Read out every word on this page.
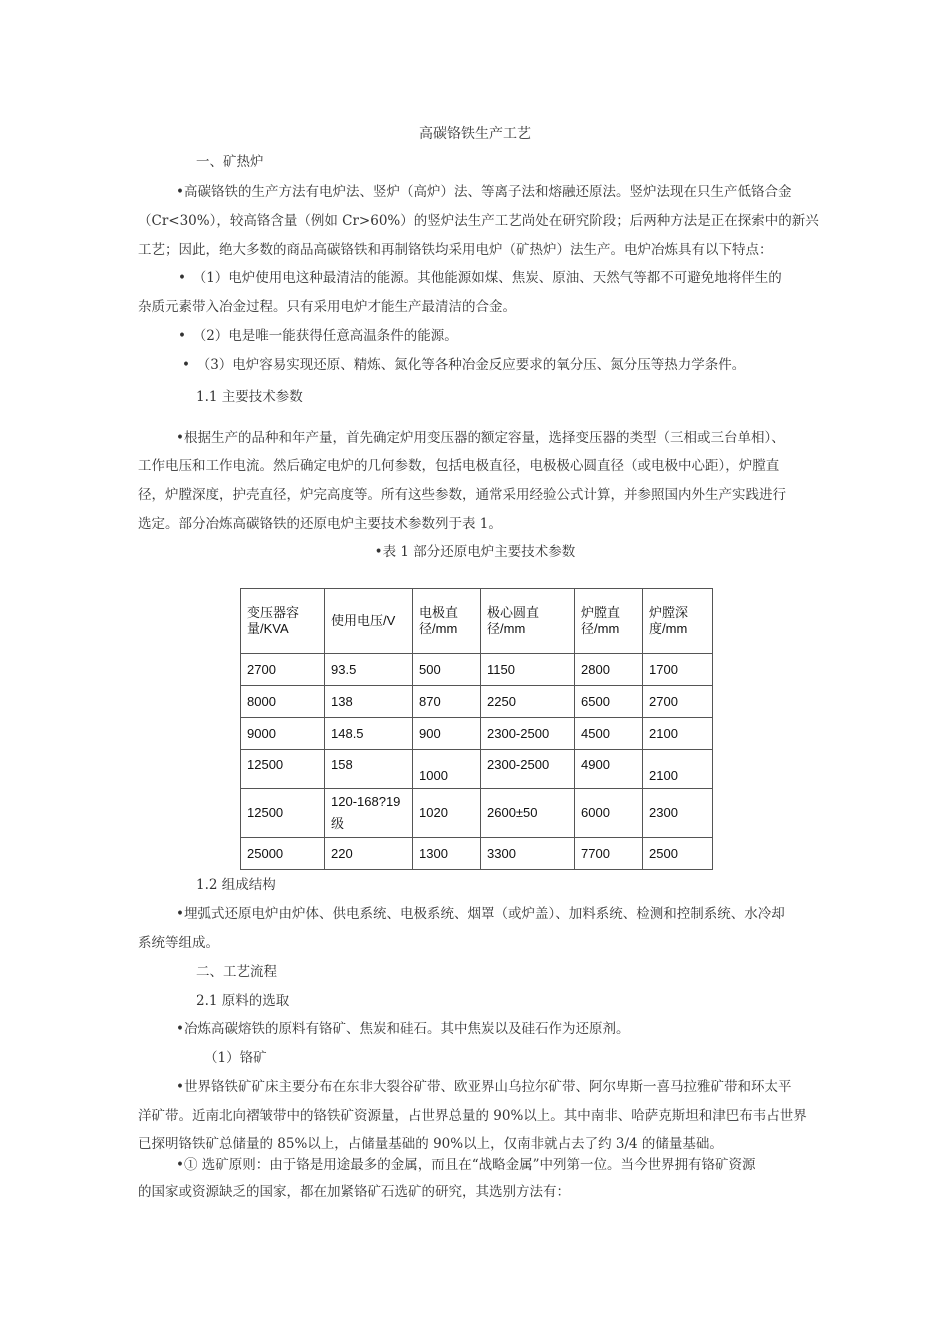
高碳铬铁生产工艺
一、矿热炉
•高碳铬铁的生产方法有电炉法、竖炉（高炉）法、等离子法和熔融还原法。竖炉法现在只生产低铬合金
（Cr<30%），较高铬含量（例如 Cr>60%）的竖炉法生产工艺尚处在研究阶段；后两种方法是正在探索中的新兴
工艺；因此，绝大多数的商品高碳铬铁和再制铬铁均采用电炉（矿热炉）法生产。电炉冶炼具有以下特点：
•　（1）电炉使用电这种最清洁的能源。其他能源如煤、焦炭、原油、天然气等都不可避免地将伴生的
杂质元素带入冶金过程。只有采用电炉才能生产最清洁的合金。
•　（2）电是唯一能获得任意高温条件的能源。
•　（3）电炉容易实现还原、精炼、氮化等各种冶金反应要求的氧分压、氮分压等热力学条件。
1.1 主要技术参数
•根据生产的品种和年产量，首先确定炉用变压器的额定容量，选择变压器的类型（三相或三台单相）、
工作电压和工作电流。然后确定电炉的几何参数，包括电极直径，电极极心圆直径（或电极中心距），炉膛直
径，炉膛深度，护壳直径，炉完高度等。所有这些参数，通常采用经验公式计算，并参照国内外生产实践进行
选定。部分冶炼高碳铬铁的还原电炉主要技术参数列于表 1。
•表 1 部分还原电炉主要技术参数
变压器容量/KVA	使用电压/V	电极直径/mm	极心圆直径/mm	炉膛直径/mm	炉膛深度/mm
2700	93.5	500	1150	2800	1700
8000	138	870	2250	6500	2700
9000	148.5	900	2300-2500	4500	2100
12500	158	1000	2300-2500	4900	2100
12500	120-168?19级	1020	2600±50	6000	2300
25000	220	1300	3300	7700	2500
1.2 组成结构
•埋弧式还原电炉由炉体、供电系统、电极系统、烟罩（或炉盖）、加料系统、检测和控制系统、水冷却
系统等组成。
二、工艺流程
2.1 原料的选取
•冶炼高碳熔铁的原料有铬矿、焦炭和硅石。其中焦炭以及硅石作为还原剂。
（1）铬矿
•世界铬铁矿矿床主要分布在东非大裂谷矿带、欧亚界山乌拉尔矿带、阿尔卑斯一喜马拉雅矿带和环太平
洋矿带。近南北向褶皱带中的铬铁矿资源量，占世界总量的 90%以上。其中南非、哈萨克斯坦和津巴布韦占世界
已探明铬铁矿总储量的 85%以上，占储量基础的 90%以上，仅南非就占去了约 3/4 的储量基础。
•① 选矿原则：由于铬是用途最多的金属，而且在“战略金属”中列第一位。当今世界拥有铬矿资源
的国家或资源缺乏的国家，都在加紧铬矿石选矿的研究，其选别方法有：
